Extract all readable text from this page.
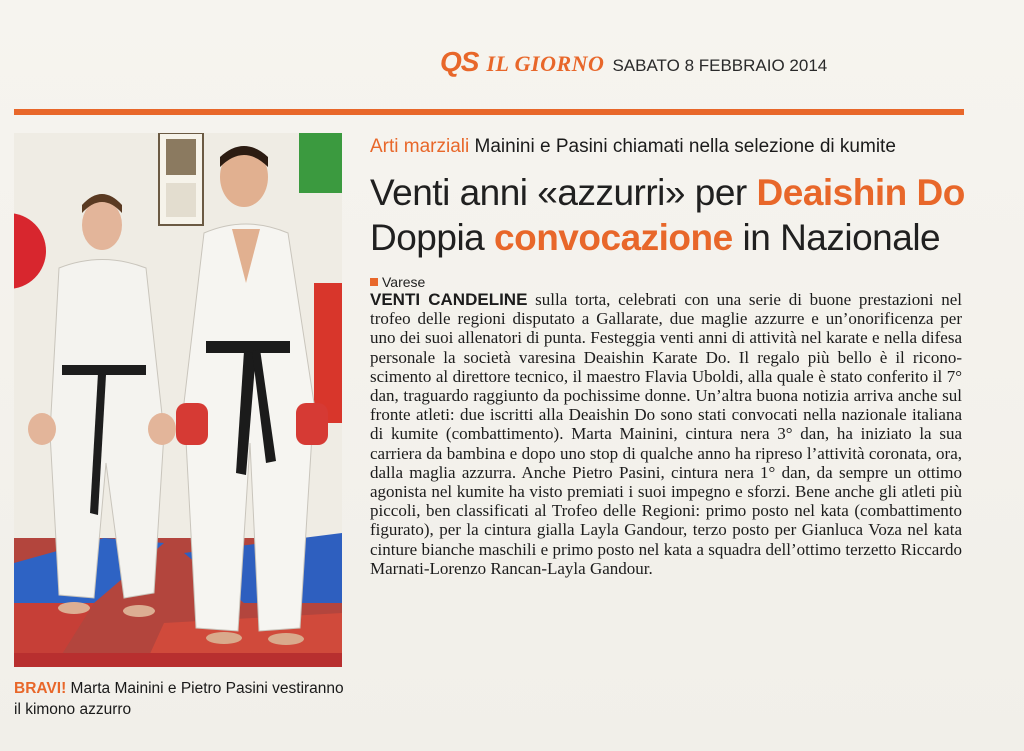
QS IL GIORNO SABATO 8 FEBBRAIO 2014
BRAVI! Marta Mainini e Pietro Pasini vestiranno il kimono azzurro
Arti marziali Mainini e Pasini chiamati nella selezione di kumite
Venti anni «azzurri» per Deaishin Do
Doppia convocazione in Nazionale
Varese
VENTI CANDELINE sulla torta, celebrati con una serie di buone prestazioni nel trofeo delle regioni disputato a Gallarate, due maglie azzurre e un’onorificenza per uno dei suoi allenatori di punta. Festeggia venti anni di attività nel karate e nella difesa personale la società varesina Deaishin Karate Do. Il regalo più bello è il riconoscimento al direttore tecnico, il maestro Flavia Uboldi, alla quale è stato conferito il 7° dan, traguardo raggiunto da pochissime donne. Un’altra buona notizia arriva anche sul fronte atleti: due iscritti alla Deaishin Do sono stati convocati nella nazionale italiana di kumite (combattimento). Marta Mainini, cintura nera 3° dan, ha iniziato la sua carriera da bambina e dopo uno stop di qualche anno ha ripreso l’attività coronata, ora, dalla maglia azzurra. Anche Pietro Pasini, cintura nera 1° dan, da sempre un ottimo agonista nel kumite ha visto premiati i suoi impegno e sforzi. Bene anche gli atleti più piccoli, ben classificati al Trofeo delle Regioni: primo posto nel kata (combattimento figurato), per la cintura gialla Layla Gandour, terzo posto per Gianluca Voza nel kata cinture bianche maschili e primo posto nel kata a squadra dell’ottimo terzetto Riccardo Marnati-Lorenzo Rancan-Layla Gandour.
